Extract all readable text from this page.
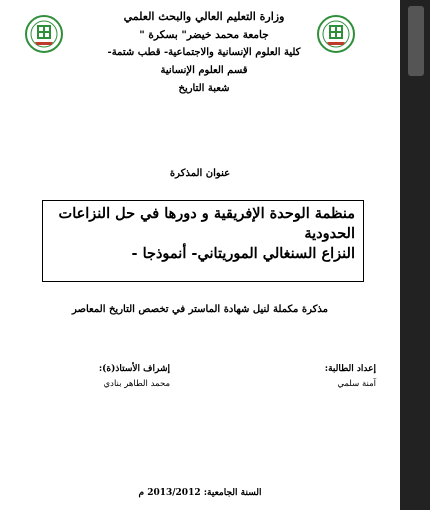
وزارة التعليم العالي والبحث العلمي
جامعة محمد خيضر" بسكرة "
كلية العلوم الإنسانية والاجتماعية- قطب شتمة-
قسم العلوم الإنسانية
شعبة التاريخ
عنوان المذكرة
منظمة الوحدة الإفريقية و دورها في حل النزاعات
الحدودية
النزاع السنغالي الموريتاني- أنموذجا -
مذكرة مكملة لنيل شهادة الماستر في تخصص التاريخ المعاصر
إعداد الطالبة:
آمنة سلمي
إشراف الأستاذ(ة):
محمد الطاهر بنادي
السنة الجامعية: 2013/2012 م
